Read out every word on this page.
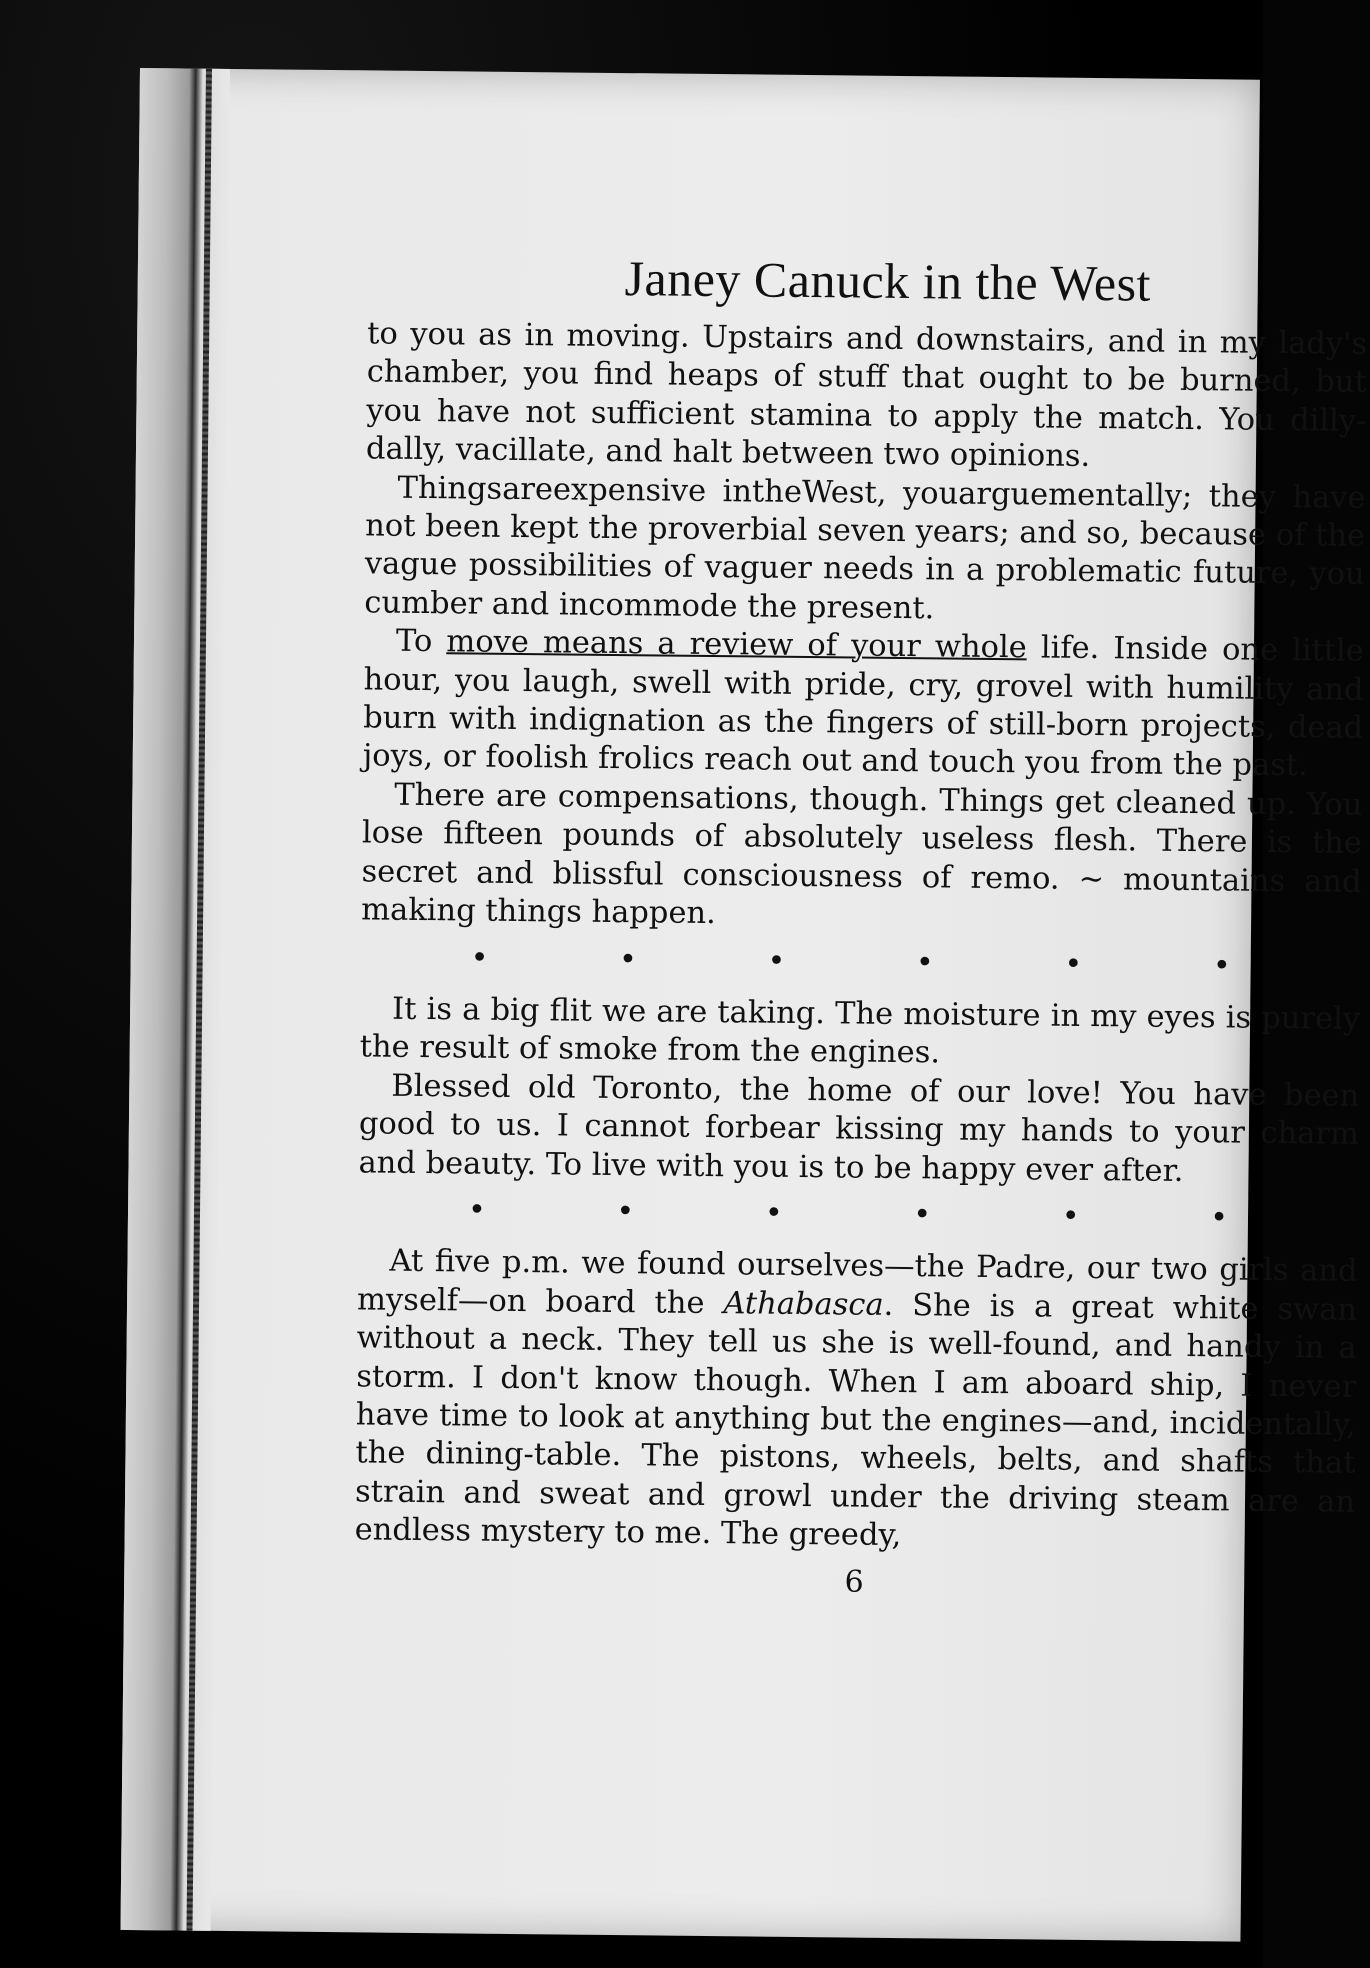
Janey Canuck in the West

to you as in moving. Upstairs and downstairs, and in my lady's chamber, you find heaps of stuff that ought to be burned, but you have not sufficient stamina to apply the match. You dilly-dally, vacillate, and halt between two opinions.

Thingsareexpensive intheWest, youarguementally; they have not been kept the proverbial seven years; and so, because of the vague possibilities of vaguer needs in a problematic future, you cumber and incommode the present.

To move means a review of your whole life. Inside one little hour, you laugh, swell with pride, cry, grovel with humility and burn with indignation as the fingers of still-born projects, dead joys, or foolish frolics reach out and touch you from the past.

There are compensations, though. Things get cleaned up. You lose fifteen pounds of absolutely useless flesh. There is the secret and blissful consciousness of remo. ~ mountains and making things happen.

•	•	•	•	•	•

It is a big flit we are taking. The moisture in my eyes is purely the result of smoke from the engines.

Blessed old Toronto, the home of our love! You have been good to us. I cannot forbear kissing my hands to your charm and beauty. To live with you is to be happy ever after.

•	•	•	•	•	•

At five p.m. we found ourselves—the Padre, our two girls and myself—on board the Athabasca. She is a great white swan without a neck. They tell us she is well-found, and handy in a storm. I don't know though. When I am aboard ship, I never have time to look at anything but the engines—and, incidentally, the dining-table. The pistons, wheels, belts, and shafts that strain and sweat and growl under the driving steam are an endless mystery to me. The greedy,

6
